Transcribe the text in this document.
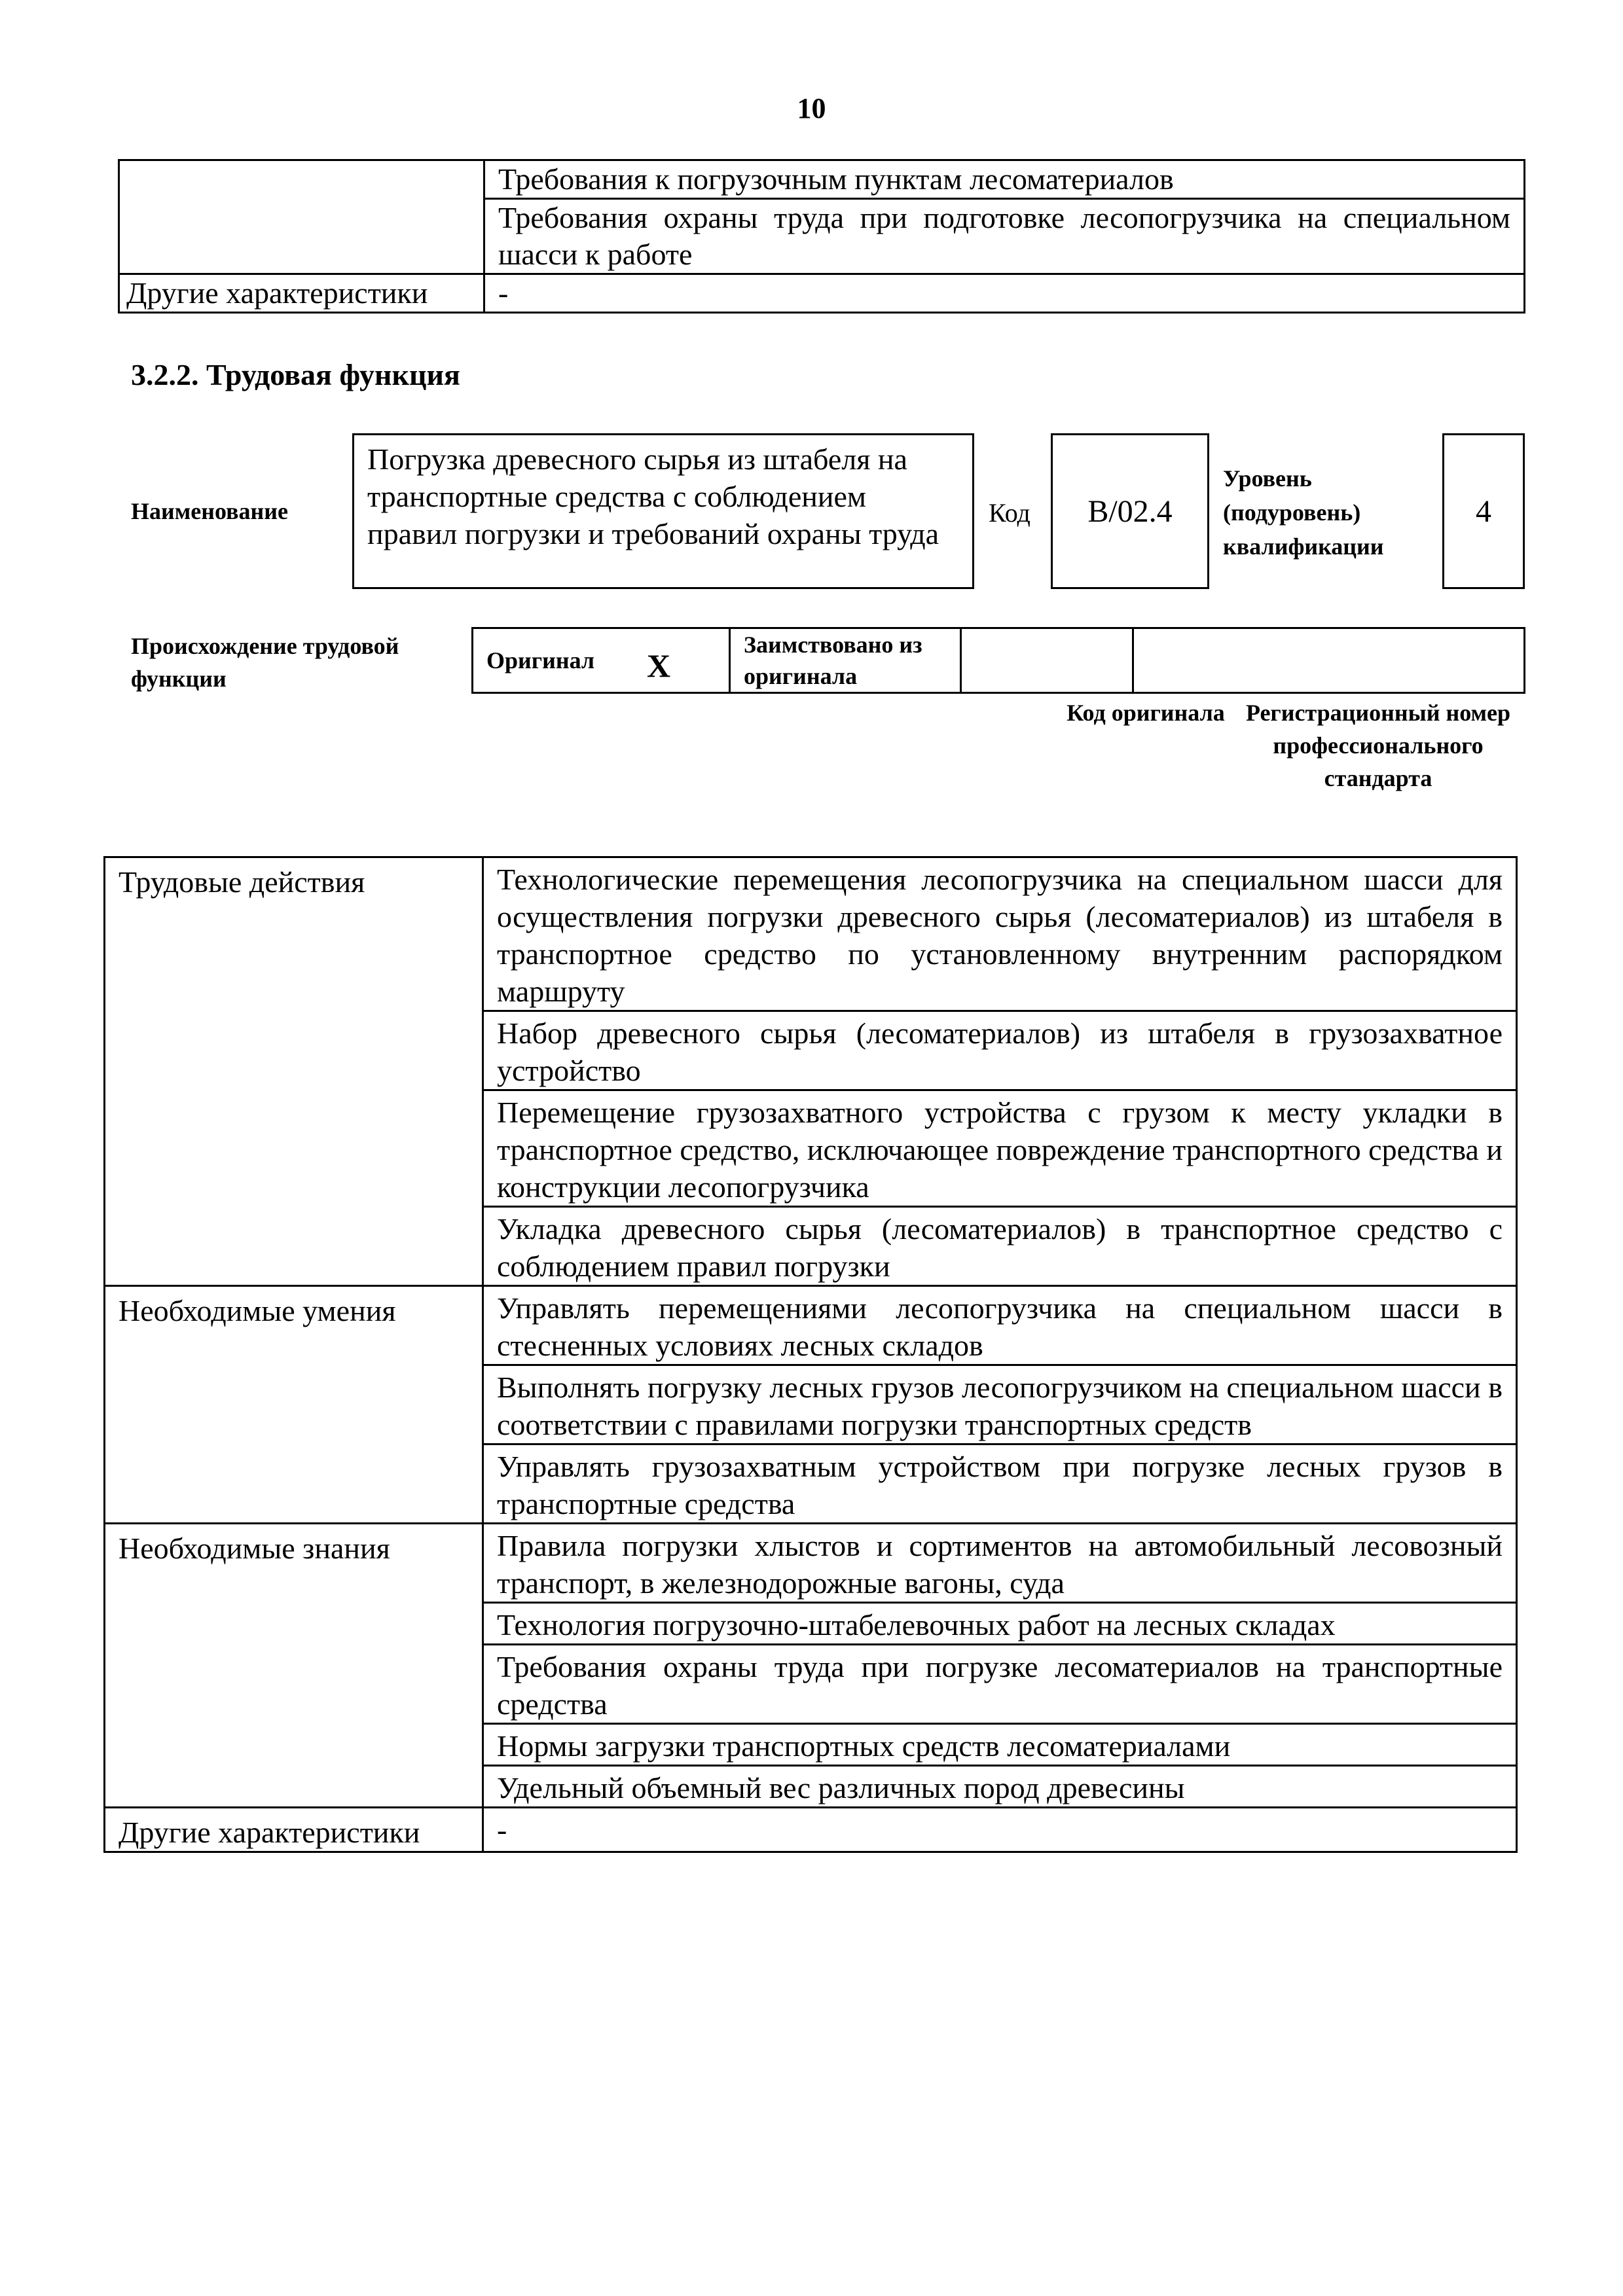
10
	Требования к погрузочным пунктам лесоматериалов
	Требования охраны труда при подготовке лесопогрузчика на специальном шасси к работе
Другие характеристики	-
3.2.2. Трудовая функция
Наименование
Погрузка древесного сырья из штабеля на транспортные средства с соблюдением правил погрузки и требований охраны труда
Код B/02.4
Уровень (подуровень) квалификации
4
Происхождение трудовой функции
Оригинал X
	Заимствовано из оригинала		
Код оригинала Регистрационный номер профессионального стандарта
Трудовые действия	Технологические перемещения лесопогрузчика на специальном шасси для осуществления погрузки древесного сырья (лесоматериалов) из штабеля в транспортное средство по установленному внутренним распорядком маршруту
	Набор древесного сырья (лесоматериалов) из штабеля в грузозахватное устройство
	Перемещение грузозахватного устройства с грузом к месту укладки в транспортное средство, исключающее повреждение транспортного средства и конструкции лесопогрузчика
	Укладка древесного сырья (лесоматериалов) в транспортное средство с соблюдением правил погрузки
Необходимые умения	Управлять перемещениями лесопогрузчика на специальном шасси в стесненных условиях лесных складов
	Выполнять погрузку лесных грузов лесопогрузчиком на специальном шасси в соответствии с правилами погрузки транспортных средств
	Управлять грузозахватным устройством при погрузке лесных грузов в транспортные средства
Необходимые знания	Правила погрузки хлыстов и сортиментов на автомобильный лесовозный транспорт, в железнодорожные вагоны, суда
	Технология погрузочно-штабелевочных работ на лесных складах
	Требования охраны труда при погрузке лесоматериалов на транспортные средства
	Нормы загрузки транспортных средств лесоматериалами
	Удельный объемный вес различных пород древесины
Другие характеристики	-
